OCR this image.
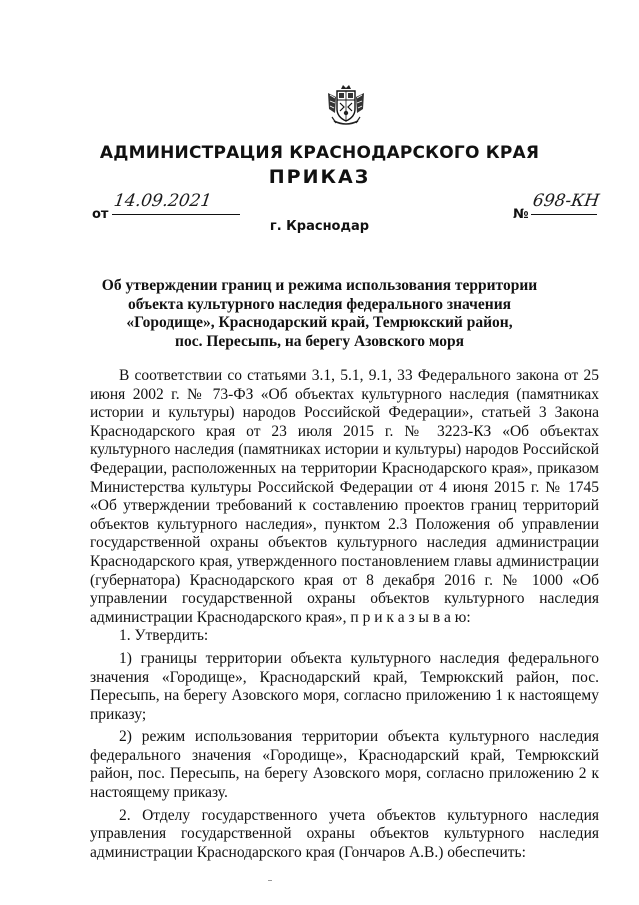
АДМИНИСТРАЦИЯ КРАСНОДАРСКОГО КРАЯ
ПРИКАЗ
от
14.09.2021
г. Краснодар
№
698-КН
Об утверждении границ и режима использования территории
объекта культурного наследия федерального значения
«Городище», Краснодарский край, Темрюкский район,
пос. Пересыпь, на берегу Азовского моря

В соответствии со статьями 3.1, 5.1, 9.1, 33 Федерального закона от 25 июня 2002 г. № 73-ФЗ «Об объектах культурного наследия (памятниках истории и культуры) народов Российской Федерации», статьей 3 Закона Краснодарского края от 23 июля 2015 г. № 3223-КЗ «Об объектах культурного наследия (памятниках истории и культуры) народов Российской Федерации, расположенных на территории Краснодарского края», приказом Министерства культуры Российской Федерации от 4 июня 2015 г. № 1745 «Об утверждении требований к составлению проектов границ территорий объектов культурного наследия», пунктом 2.3 Положения об управлении государственной охраны объектов культурного наследия администрации Краснодарского края, утвержденного постановлением главы администрации (губернатора) Краснодарского края от 8 декабря 2016 г. № 1000 «Об управлении государственной охраны объектов культурного наследия администрации Краснодарского края», п р и к а з ы в а ю:

1. Утвердить:

1) границы территории объекта культурного наследия федерального значения «Городище», Краснодарский край, Темрюкский район, пос. Пересыпь, на берегу Азовского моря, согласно приложению 1 к настоящему приказу;

2) режим использования территории объекта культурного наследия федерального значения «Городище», Краснодарский край, Темрюкский район, пос. Пересыпь, на берегу Азовского моря, согласно приложению 2 к настоящему приказу.

2. Отделу государственного учета объектов культурного наследия управления государственной охраны объектов культурного наследия администрации Краснодарского края (Гончаров А.В.) обеспечить:
